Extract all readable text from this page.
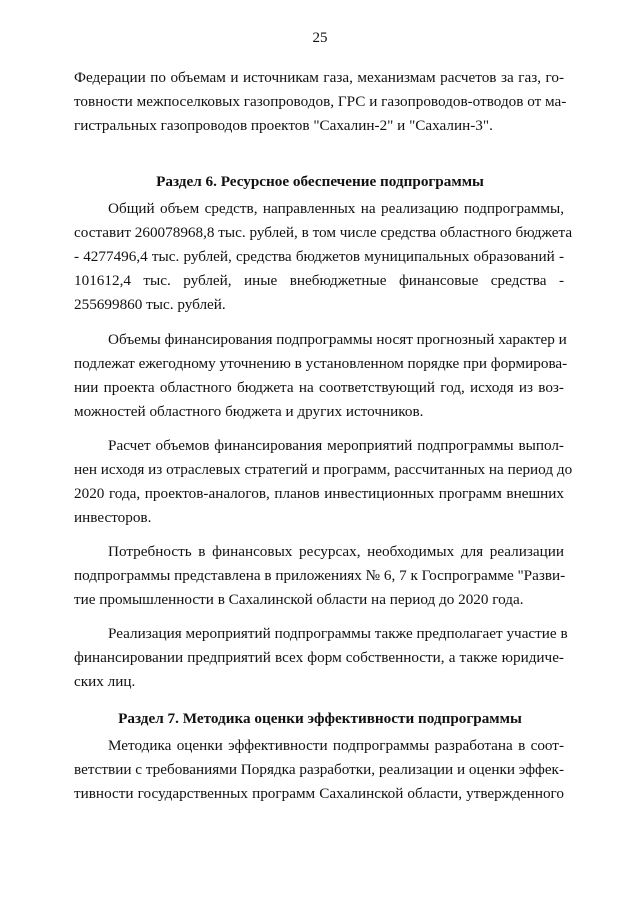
25
Федерации по объемам и источникам газа, механизмам расчетов за газ, го-
товности межпоселковых газопроводов, ГРС и газопроводов-отводов от ма-
гистральных газопроводов проектов "Сахалин-2" и "Сахалин-3".
Раздел 6. Ресурсное обеспечение подпрограммы
Общий объем средств, направленных на реализацию подпрограммы,
составит 260078968,8 тыс. рублей, в том числе средства областного бюджета
- 4277496,4 тыс. рублей, средства бюджетов муниципальных образований -
101612,4 тыс. рублей, иные внебюджетные финансовые средства -
255699860 тыс. рублей.
Объемы финансирования подпрограммы носят прогнозный характер и
подлежат ежегодному уточнению в установленном порядке при формирова-
нии проекта областного бюджета на соответствующий год, исходя из воз-
можностей областного бюджета и других источников.
Расчет объемов финансирования мероприятий подпрограммы выпол-
нен исходя из отраслевых стратегий и программ, рассчитанных на период до
2020 года, проектов-аналогов, планов инвестиционных программ внешних
инвесторов.
Потребность в финансовых ресурсах, необходимых для реализации
подпрограммы представлена в приложениях № 6, 7 к Госпрограмме "Разви-
тие промышленности в Сахалинской области на период до 2020 года.
Реализация мероприятий подпрограммы также предполагает участие в
финансировании предприятий всех форм собственности, а также юридиче-
ских лиц.
Раздел 7. Методика оценки эффективности подпрограммы
Методика оценки эффективности подпрограммы разработана в соот-
ветствии с требованиями Порядка разработки, реализации и оценки эффек-
тивности государственных программ Сахалинской области, утвержденного
